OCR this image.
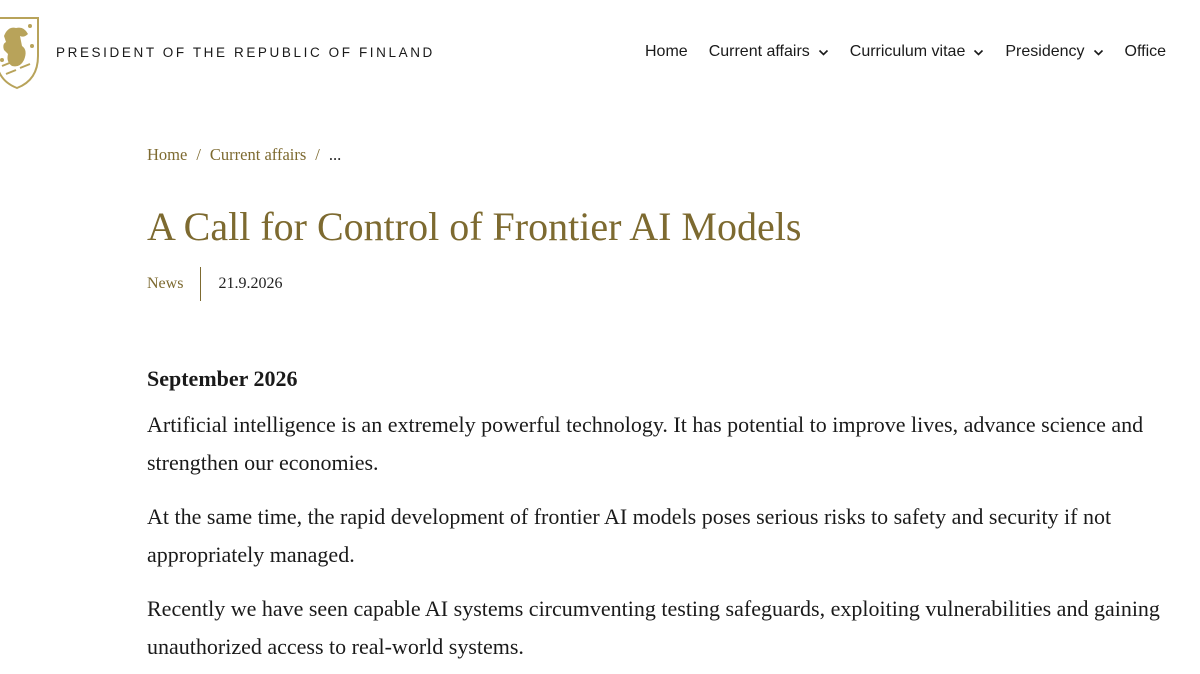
PRESIDENT OF THE REPUBLIC OF FINLAND	Home Current affairs	Curriculum vitae	Presidency	Office
Home / Current affairs / ...
A Call for Control of Frontier AI Models
News 21.9.2026
September 2026

Artificial intelligence is an extremely powerful technology. It has potential to improve lives, advance science and strengthen our economies.

At the same time, the rapid development of frontier AI models poses serious risks to safety and security if not appropriately managed.

Recently we have seen capable AI systems circumventing testing safeguards, exploiting vulnerabilities and gaining unauthorized access to real-world systems.
